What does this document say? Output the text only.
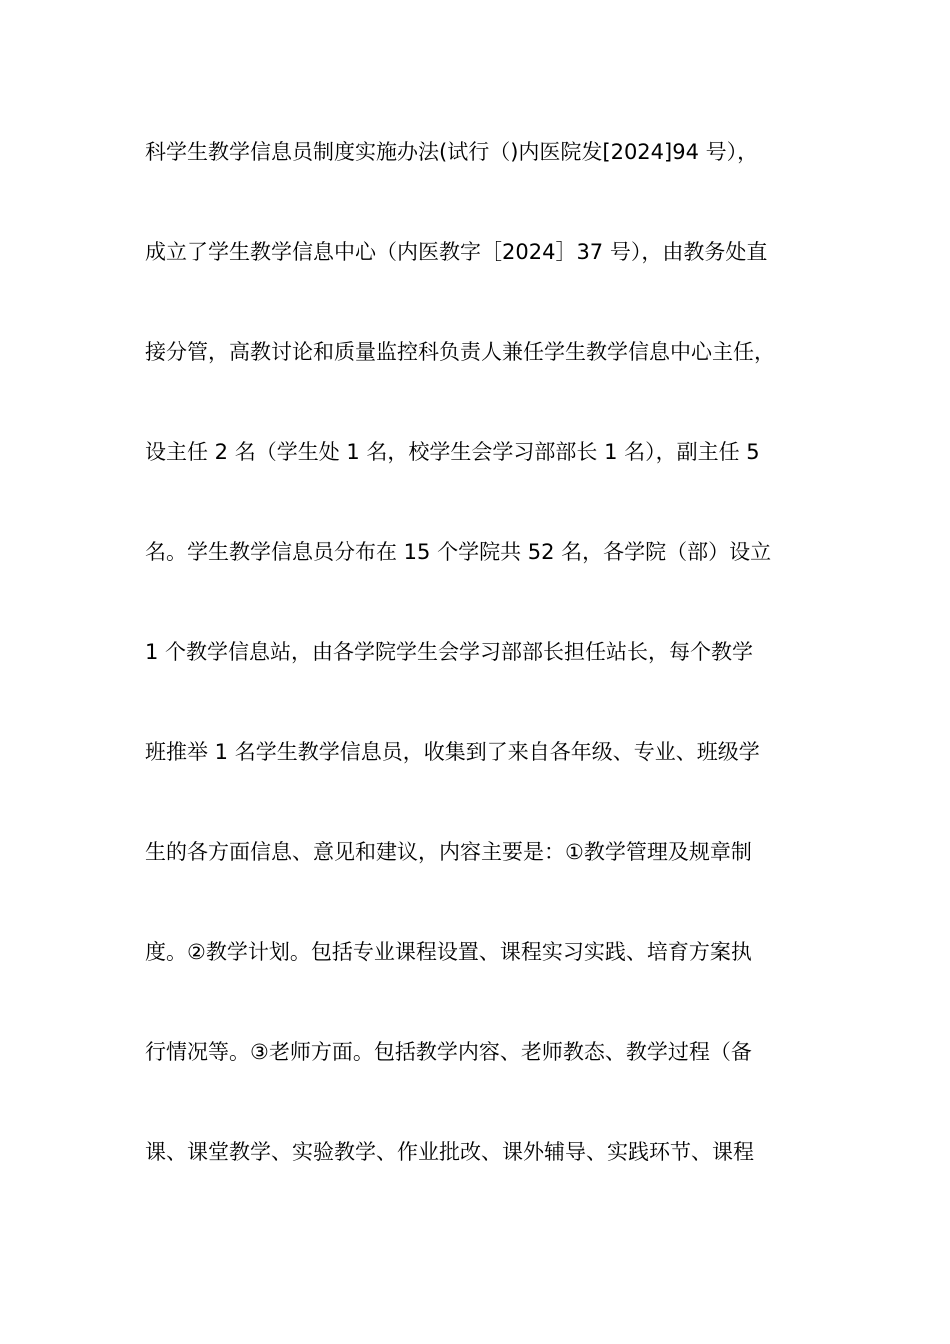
科学生教学信息员制度实施办法(试行（)内医院发[2024]94 号），
成立了学生教学信息中心（内医教字［2024］37 号），由教务处直
接分管，高教讨论和质量监控科负责人兼任学生教学信息中心主任，
设主任 2 名（学生处 1 名，校学生会学习部部长 1 名），副主任 5
名。学生教学信息员分布在 15 个学院共 52 名，各学院（部）设立
1 个教学信息站，由各学院学生会学习部部长担任站长，每个教学
班推举 1 名学生教学信息员，收集到了来自各年级、专业、班级学
生的各方面信息、意见和建议，内容主要是：①教学管理及规章制
度。②教学计划。包括专业课程设置、课程实习实践、培育方案执
行情况等。③老师方面。包括教学内容、老师教态、教学过程（备
课、课堂教学、实验教学、作业批改、课外辅导、实践环节、课程
